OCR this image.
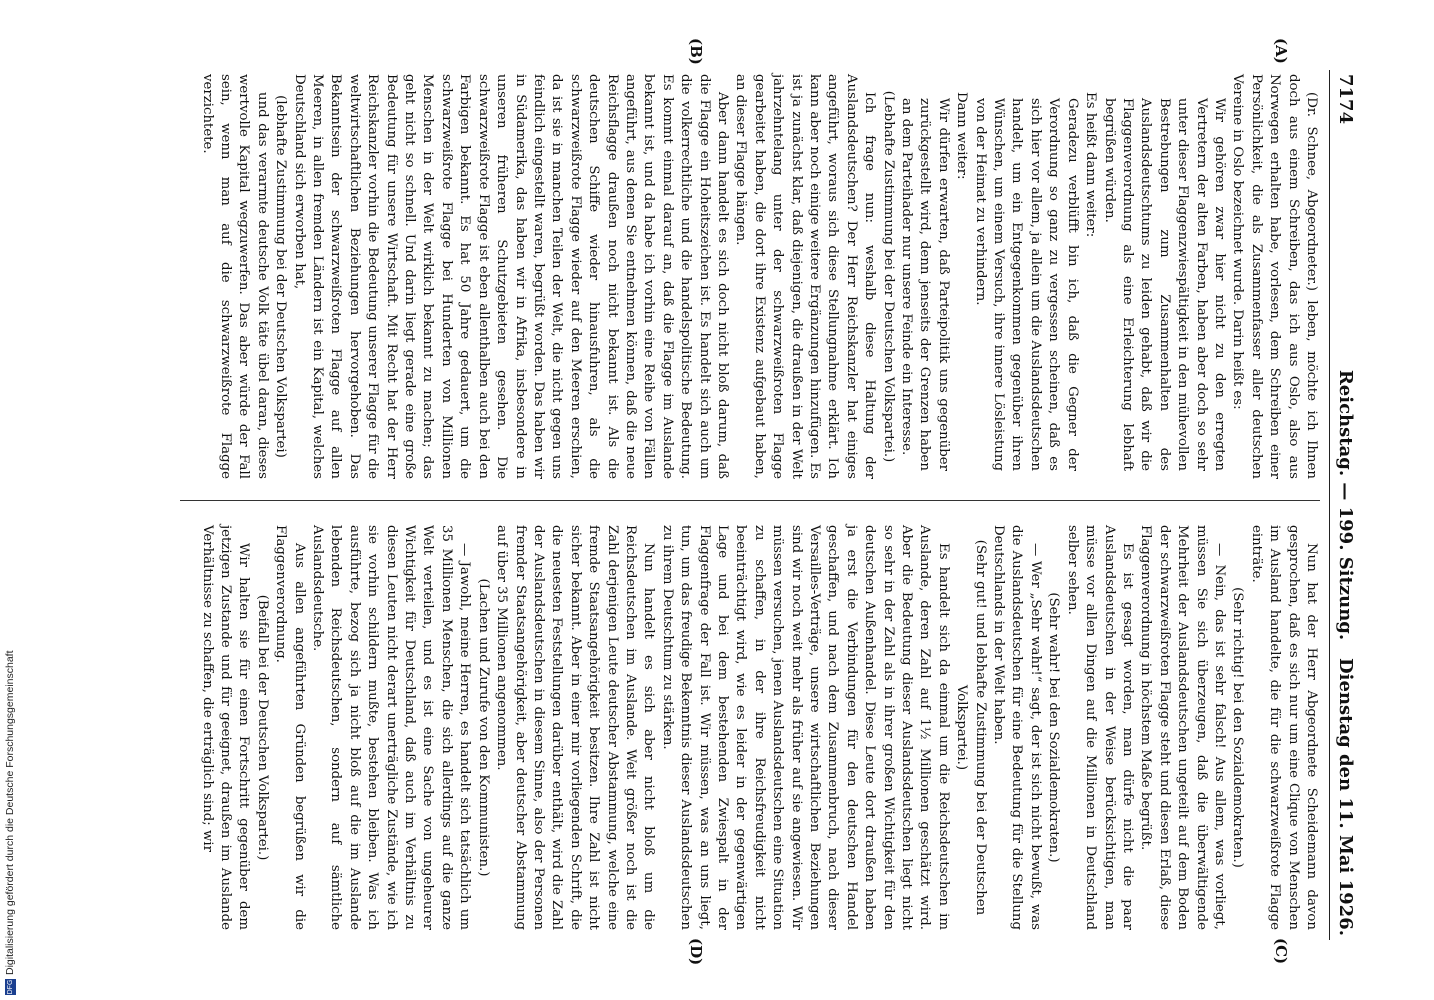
DFGDigitalisierung gefördert durch die Deutsche Forschungsgemeinschaft
7174
Reichstag. — 199. Sitzung.
Dienstag den 11. Mai 1926.
(A)
(B)
(C)
(D)

(Dr. Schnee, Abgeordneter.) leben, möchte ich Ihnen doch aus einem Schreiben, das ich aus Oslo, also aus Norwegen erhalten habe, vorlesen, dem Schreiben einer Persönlichkeit, die als Zusammenfasser aller deutschen Vereine in Oslo bezeichnet wurde. Darin heißt es:

Wir gehören zwar hier nicht zu den erregten Vertretern der alten Farben, haben aber doch so sehr unter dieser Flaggenzwiespältigkeit in den mühevollen Bestrebungen zum Zusammenhalten des Auslandsdeutschtums zu leiden gehabt, daß wir die Flaggenverordnung als eine Erleichterung lebhaft begrüßen würden.

Es heißt dann weiter:

Geradezu verblüfft bin ich, daß die Gegner der Verordnung so ganz zu vergessen scheinen, daß es sich hier vor allem, ja allein um die Auslandsdeutschen handelt, um ein Entgegenkommen gegenüber ihren Wünschen, um einem Versuch, ihre innere Lösleistung von der Heimat zu verhindern.

Dann weiter:

Wir dürfen erwarten, daß Parteipolitik uns gegenüber zurückgestellt wird, denn jenseits der Grenzen haben an dem Parteihader nur unsere Feinde ein Interesse.

(Lebhafte Zustimmung bei der Deutschen Volkspartei.)

Ich frage nun: weshalb diese Haltung der Auslandsdeutschen? Der Herr Reichskanzler hat einiges angeführt, woraus sich diese Stellungnahme erklärt. Ich kann aber noch einige weitere Ergänzungen hinzufügen. Es ist ja zunächst klar, daß diejenigen, die draußen in der Welt jahrzehntelang unter der schwarzweißroten Flagge gearbeitet haben, die dort ihre Existenz aufgebaut haben, an dieser Flagge hängen.

Aber dann handelt es sich doch nicht bloß darum, daß die Flagge ein Hoheitszeichen ist. Es handelt sich auch um die volkerrechtliche und die handelspolitische Bedeutung. Es kommt einmal darauf an, daß die Flagge im Auslande bekannt ist, und da habe ich vorhin eine Reihe von Fällen angeführt, aus denen Sie entnehmen können, daß die neue Reichsflagge draußen noch nicht bekannt ist. Als die deutschen Schiffe wieder hinausfuhren, als die schwarzweißrote Flagge wieder auf den Meeren erschien, da ist sie in manchen Teilen der Welt, die nicht gegen uns feindlich eingestellt waren, begrüßt worden. Das haben wir in Südamerika, das haben wir in Afrika, insbesondere in unseren früheren Schutzgebieten gesehen. Die schwarzweißrote Flagge ist eben allenthalben auch bei den Farbigen bekannt. Es hat 50 Jahre gedauert, um die schwarzweißrote Flagge bei Hunderten von Millionen Menschen in der Welt wirklich bekannt zu machen; das geht nicht so schnell. Und darin liegt gerade eine große Bedeutung für unsere Wirtschaft. Mit Recht hat der Herr Reichskanzler vorhin die Bedeutung unserer Flagge für die weltwirtschaftlichen Beziehungen hervorgehoben. Das Bekanntsein der schwarzweißroten Flagge auf allen Meeren, in allen fremden Ländern ist ein Kapital, welches Deutschland sich erworben hat,

(lebhafte Zustimmung bei der Deutschen Volkspartei)

und das verarmte deutsche Volk täte übel daran, dieses wertvolle Kapital wegzuwerfen. Das aber würde der Fall sein, wenn man auf die schwarzweißrote Flagge verzichtete.

Nun hat der Herr Abgeordnete Scheidemann davon gesprochen, daß es sich nur um eine Clique von Menschen im Ausland handelte, die für die schwarzweißrote Flagge einträte.

(Sehr richtig! bei den Sozialdemokraten.)

— Nein, das ist sehr falsch! Aus allem, was vorliegt, müssen Sie sich überzeugen, daß die überwältigende Mehrheit der Auslandsdeutschen ungeteilt auf dem Boden der schwarzweißroten Flagge steht und diesen Erlaß, diese Flaggenverordnung in höchstem Maße begrüßt.

Es ist gesagt worden, man dürfe nicht die paar Auslandsdeutschen in der Weise berücksichtigen, man müsse vor allen Dingen auf die Millionen in Deutschland selber sehen.

(Sehr wahr! bei den Sozialdemokraten.)

— Wer „Sehr wahr!“ sagt, der ist sich nicht bewußt, was die Auslandsdeutschen für eine Bedeutung für die Stellung Deutschlands in der Welt haben.

(Sehr gut! und lebhafte Zustimmung bei der Deutschen Volkspartei.)

Es handelt sich da einmal um die Reichsdeutschen im Auslande, deren Zahl auf 1½ Millionen geschätzt wird. Aber die Bedeutung dieser Auslandsdeutschen liegt nicht so sehr in der Zahl als in ihrer großen Wichtigkeit für den deutschen Außenhandel. Diese Leute dort draußen haben ja erst die Verbindungen für den deutschen Handel geschaffen, und nach dem Zusammenbruch, nach dieser Versailles-Verträge, unsere wirtschaftlichen Beziehungen sind wir noch weit mehr als früher auf sie angewiesen. Wir müssen versuchen, jenen Auslandsdeutschen eine Situation zu schaffen, in der ihre Reichsfreudigkeit nicht beeinträchtigt wird, wie es leider in der gegenwärtigen Lage und bei dem bestehenden Zwiespalt in der Flaggenfrage der Fall ist. Wir müssen, was an uns liegt, tun, um das freudige Bekenntnis dieser Auslandsdeutschen zu ihrem Deutschtum zu stärken.

Nun handelt es sich aber nicht bloß um die Reichsdeutschen im Auslande. Weit größer noch ist die Zahl derjenigen Leute deutscher Abstammung, welche eine fremde Staatsangehörigkeit besitzen. Ihre Zahl ist nicht sicher bekannt. Aber in einer mir vorliegenden Schrift, die die neuesten Feststellungen darüber enthält, wird die Zahl der Auslandsdeutschen in diesem Sinne, also der Personen fremder Staatsangehörigkeit, aber deutscher Abstammung auf über 35 Millionen angenommen.

(Lachen und Zurufe von den Kommunisten.)

— Jawohl, meine Herren, es handelt sich tatsächlich um 35 Millionen Menschen, die sich allerdings auf die ganze Welt verteilen, und es ist eine Sache von ungeheurer Wichtigkeit für Deutschland, daß auch im Verhältnis zu diesen Leuten nicht derart unerträgliche Zustände, wie ich sie vorhin schildern mußte, bestehen bleiben. Was ich ausführte, bezog sich ja nicht bloß auf die im Auslande lebenden Reichsdeutschen, sondern auf sämtliche Auslandsdeutsche.

Aus allen angeführten Gründen begrüßen wir die Flaggenverordnung.

(Beifall bei der Deutschen Volkspartei.)

Wir halten sie für einen Fortschritt gegenüber dem jetzigen Zustande und für geeignet, draußen im Auslande Verhältnisse zu schaffen, die erträglich sind; wir
